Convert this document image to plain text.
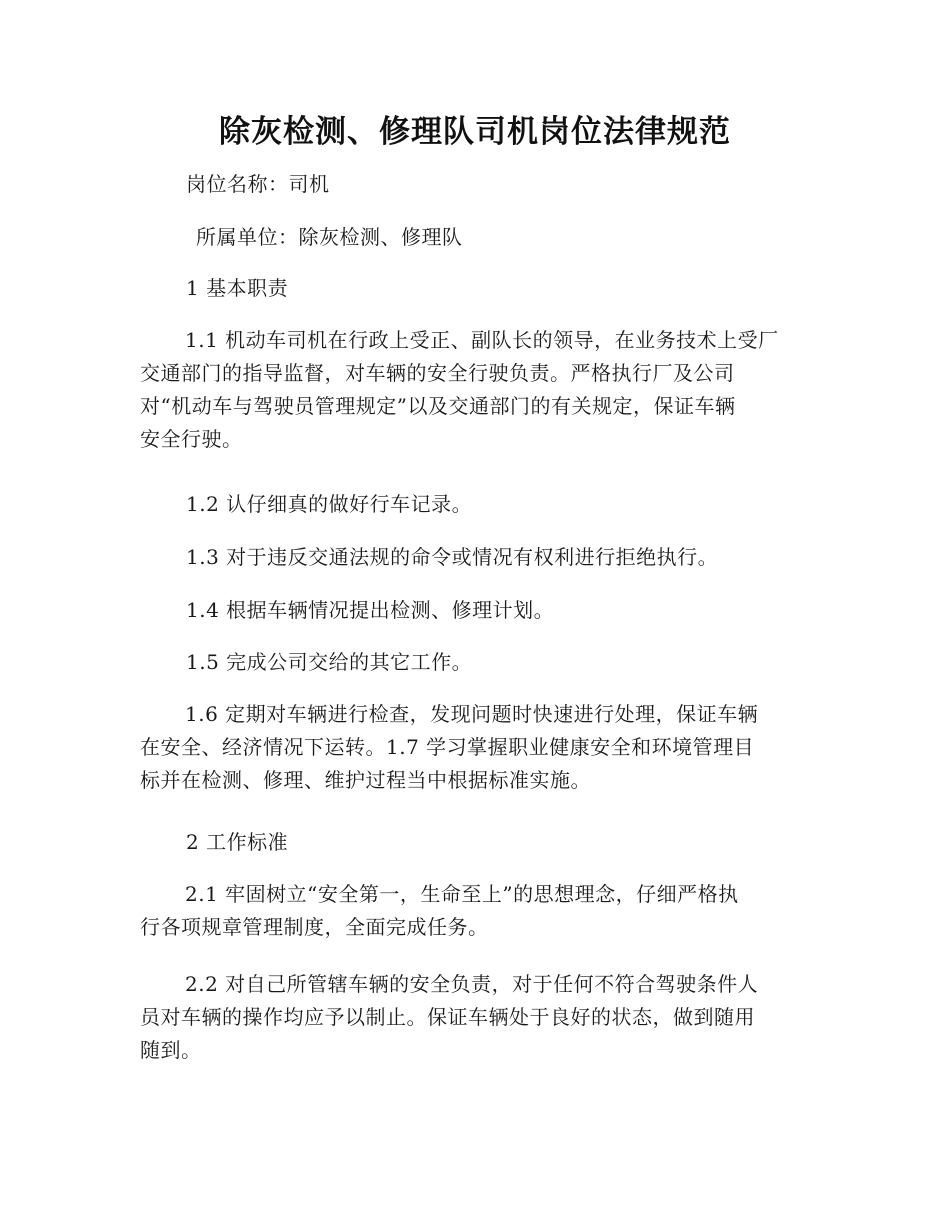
除灰检测、修理队司机岗位法律规范
岗位名称：司机
所属单位：除灰检测、修理队
1 基本职责
1.1 机动车司机在行政上受正、副队长的领导，在业务技术上受厂
交通部门的指导监督，对车辆的安全行驶负责。严格执行厂及公司
对“机动车与驾驶员管理规定”以及交通部门的有关规定，保证车辆
安全行驶。
1.2 认仔细真的做好行车记录。
1.3 对于违反交通法规的命令或情况有权利进行拒绝执行。
1.4 根据车辆情况提出检测、修理计划。
1.5 完成公司交给的其它工作。
1.6 定期对车辆进行检查，发现问题时快速进行处理，保证车辆
在安全、经济情况下运转。1.7 学习掌握职业健康安全和环境管理目
标并在检测、修理、维护过程当中根据标准实施。
2 工作标准
2.1 牢固树立“安全第一，生命至上”的思想理念，仔细严格执
行各项规章管理制度，全面完成任务。
2.2 对自己所管辖车辆的安全负责，对于任何不符合驾驶条件人
员对车辆的操作均应予以制止。保证车辆处于良好的状态，做到随用
随到。
